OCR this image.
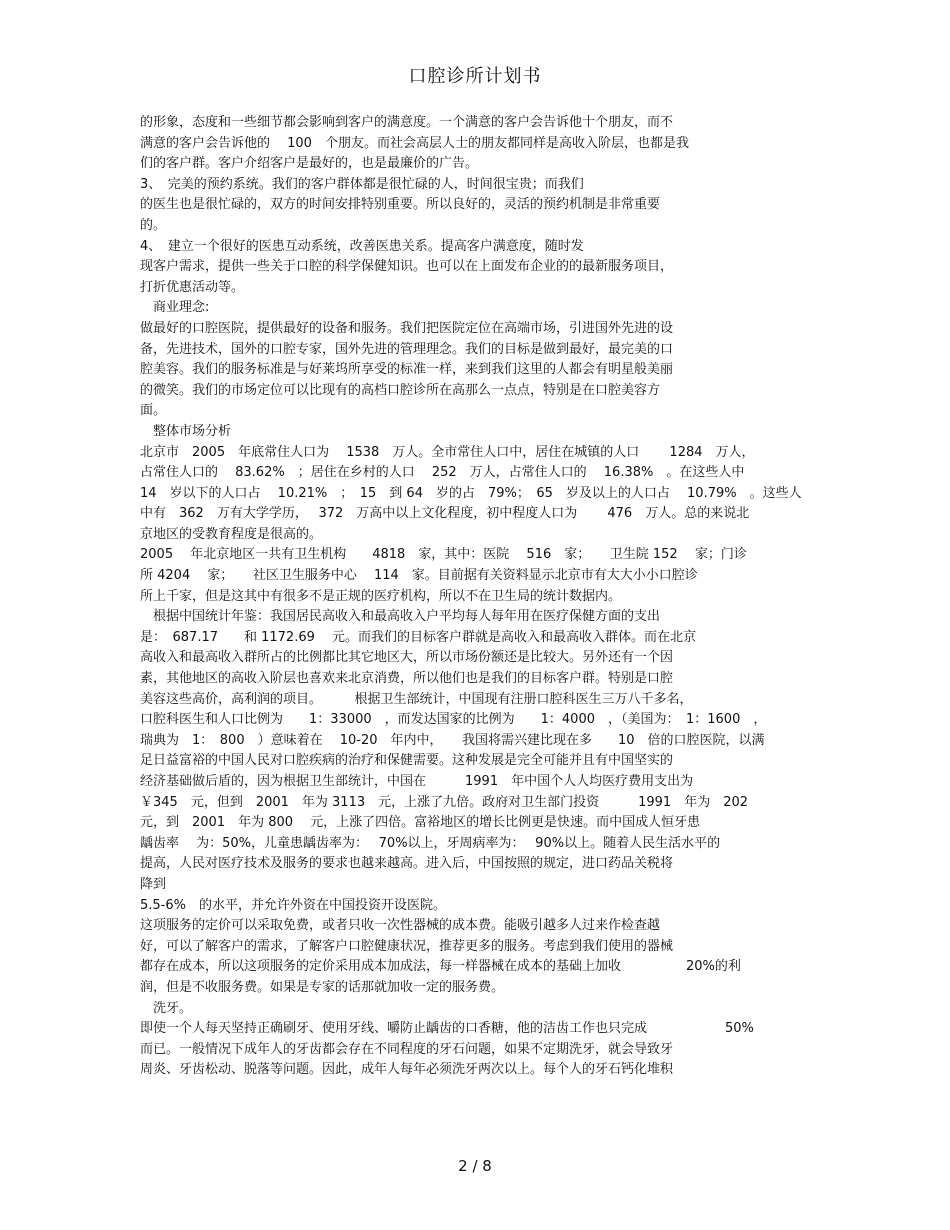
口腔诊所计划书
的形象，态度和一些细节都会影响到客户的满意度。一个满意的客户会告诉他十个朋友，而不
满意的客户会告诉他的　 100　个朋友。而社会高层人士的朋友都同样是高收入阶层，也都是我
们的客户群。客户介绍客户是最好的，也是最廉价的广告。
3、　完美的预约系统。我们的客户群体都是很忙碌的人，时间很宝贵；而我们
的医生也是很忙碌的，双方的时间安排特别重要。所以良好的，灵活的预约机制是非常重要
的。
4、　建立一个很好的医患互动系统，改善医患关系。提高客户满意度，随时发
现客户需求，提供一些关于口腔的科学保健知识。也可以在上面发布企业的的最新服务项目，
打折优惠活动等。
　商业理念:
做最好的口腔医院，提供最好的设备和服务。我们把医院定位在高端市场，引进国外先进的设
备，先进技术，国外的口腔专家，国外先进的管理理念。我们的目标是做到最好，最完美的口
腔美容。我们的服务标准是与好莱坞所享受的标准一样，来到我们这里的人都会有明星般美丽
的微笑。我们的市场定位可以比现有的高档口腔诊所在高那么一点点，特别是在口腔美容方
面。
　整体市场分析
北京市　2005　年底常住人口为　 1538　万人。全市常住人口中，居住在城镇的人口　　 1284　万人，
占常住人口的　 83.62%　；居住在乡村的人口　 252　万人，占常住人口的　 16.38%　。在这些人中
14　岁以下的人口占　 10.21%　；　15　到 64　岁的占　79%；　65　岁及以上的人口占　 10.79%　。这些人
中有　362　万有大学学历，　 372　万高中以上文化程度，初中程度人口为　　 476　万人。总的来说北
京地区的受教育程度是很高的。
2005　 年北京地区一共有卫生机构　　4818　家，其中：医院　 516　家；　　卫生院 152　 家；门诊
所 4204　 家；　　社区卫生服务中心　 114　家。目前据有关资料显示北京市有大大小小口腔诊
所上千家，但是这其中有很多不是正规的医疗机构，所以不在卫生局的统计数据内。
　根据中国统计年鉴：我国居民高收入和最高收入户平均每人每年用在医疗保健方面的支出
是：　687.17　　和 1172.69　 元。而我们的目标客户群就是高收入和最高收入群体。而在北京
高收入和最高收入群所占的比例都比其它地区大，所以市场份额还是比较大。另外还有一个因
素，其他地区的高收入阶层也喜欢来北京消费，所以他们也是我们的目标客户群。特别是口腔
美容这些高价，高利润的项目。　　　根据卫生部统计，中国现有注册口腔科医生三万八千多名，
口腔科医生和人口比例为　　1：33000　，而发达国家的比例为　　1：4000　，（美国为：　1：1600　，
瑞典为　1：　800　）意味着在　 10-20　年内中，　　我国将需兴建比现在多　　10　倍的口腔医院，以满
足日益富裕的中国人民对口腔疾病的治疗和保健需要。这种发展是完全可能并且有中国坚实的
经济基础做后盾的，因为根据卫生部统计，中国在　　　1991　年中国个人人均医疗费用支出为
￥345　元，但到　2001　年为 3113　元，上涨了九倍。政府对卫生部门投资　　　1991　年为　202
元，到　2001　年为 800　 元，上涨了四倍。富裕地区的增长比例更是快速。而中国成人恒牙患
龋齿率　 为：50%，儿童患龋齿率为：　 70%以上，牙周病率为：　 90%以上。随着人民生活水平的
提高，人民对医疗技术及服务的要求也越来越高。进入后，中国按照的规定，进口药品关税将
降到
5.5-6%　的水平，并允许外资在中国投资开设医院。
这项服务的定价可以采取免费，或者只收一次性器械的成本费。能吸引越多人过来作检查越
好，可以了解客户的需求，了解客户口腔健康状况，推荐更多的服务。考虑到我们使用的器械
都存在成本，所以这项服务的定价采用成本加成法，每一样器械在成本的基础上加收　　　　　20%的利
润，但是不收服务费。如果是专家的话那就加收一定的服务费。
　洗牙。
即使一个人每天坚持正确刷牙、使用牙线、嚼防止龋齿的口香糖，他的洁齿工作也只完成　　　　　　50%
而已。一般情况下成年人的牙齿都会存在不同程度的牙石问题，如果不定期洗牙，就会导致牙
周炎、牙齿松动、脱落等问题。因此，成年人每年必须洗牙两次以上。每个人的牙石钙化堆积
2 / 8
